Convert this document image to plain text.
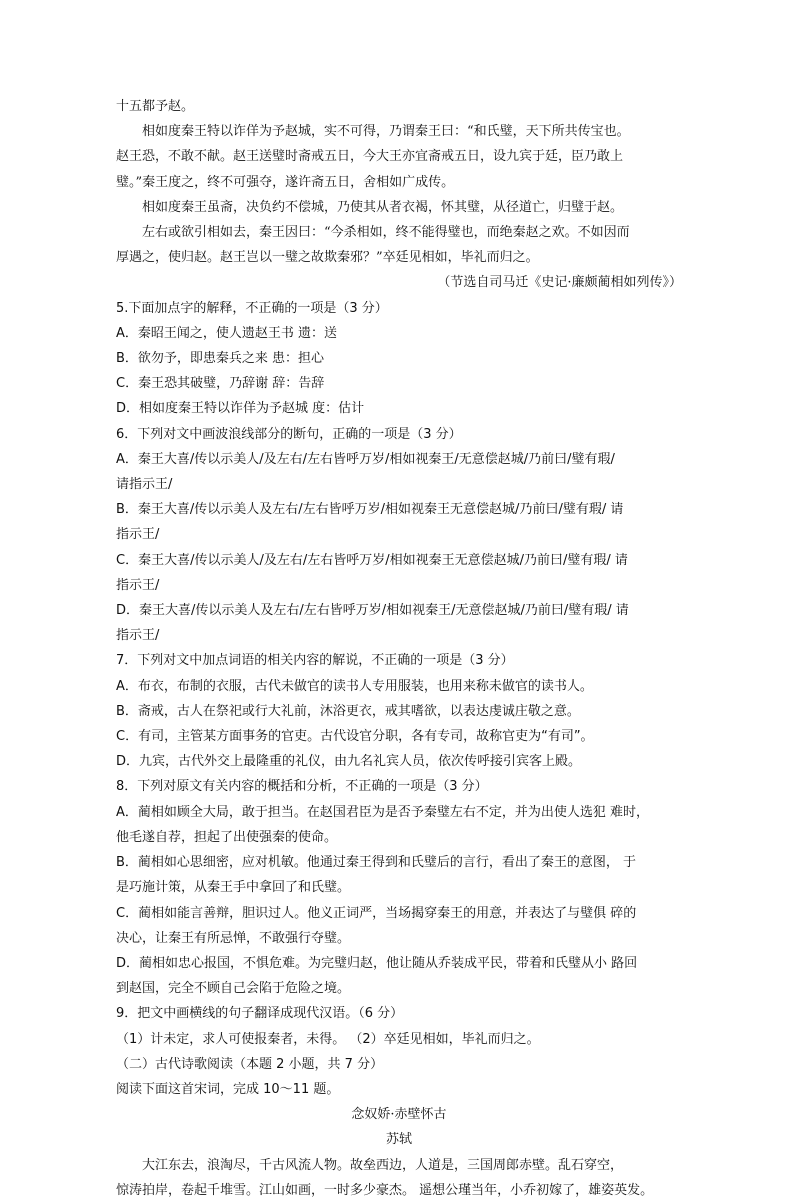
十五都予赵。
相如度秦王特以诈佯为予赵城，实不可得，乃谓秦王曰：“和氏璧，天下所共传宝也。
赵王恐，不敢不献。赵王送璧时斋戒五日，今大王亦宜斋戒五日，设九宾于廷，臣乃敢上
璧。”秦王度之，终不可强夺，遂许斋五日，舍相如广成传。
相如度秦王虽斋，决负约不偿城，乃使其从者衣褐，怀其璧，从径道亡，归璧于赵。
左右或欲引相如去，秦王因曰：“今杀相如，终不能得璧也，而绝秦赵之欢。不如因而
厚遇之，使归赵。赵王岂以一璧之故欺秦邪？”卒廷见相如，毕礼而归之。
（节选自司马迁《史记·廉颇蔺相如列传》）
5.下面加点字的解释，不正确的一项是（3 分）
A．秦昭王闻之，使人遗赵王书 遗：送
B．欲勿予，即患秦兵之来 患：担心
C．秦王恐其破璧，乃辞谢 辞：告辞
D．相如度秦王特以诈佯为予赵城 度：估计
6．下列对文中画波浪线部分的断句，正确的一项是（3 分）
A．秦王大喜/传以示美人/及左右/左右皆呼万岁/相如视秦王/无意偿赵城/乃前曰/璧有瑕/
请指示王/
B．秦王大喜/传以示美人及左右/左右皆呼万岁/相如视秦王无意偿赵城/乃前曰/璧有瑕/ 请
指示王/
C．秦王大喜/传以示美人/及左右/左右皆呼万岁/相如视秦王无意偿赵城/乃前曰/璧有瑕/ 请
指示王/
D．秦王大喜/传以示美人及左右/左右皆呼万岁/相如视秦王/无意偿赵城/乃前曰/璧有瑕/ 请
指示王/
7．下列对文中加点词语的相关内容的解说，不正确的一项是（3 分）
A．布衣，布制的衣服，古代未做官的读书人专用服装，也用来称未做官的读书人。
B．斋戒，古人在祭祀或行大礼前，沐浴更衣，戒其嗜欲，以表达虔诚庄敬之意。
C．有司，主管某方面事务的官吏。古代设官分职，各有专司，故称官吏为“有司”。
D．九宾，古代外交上最隆重的礼仪，由九名礼宾人员，依次传呼接引宾客上殿。
8．下列对原文有关内容的概括和分析，不正确的一项是（3 分）
A．蔺相如顾全大局，敢于担当。在赵国君臣为是否予秦璧左右不定，并为出使人选犯 难时，
他毛遂自荐，担起了出使强秦的使命。
B．蔺相如心思细密，应对机敏。他通过秦王得到和氏璧后的言行，看出了秦王的意图， 于
是巧施计策，从秦王手中拿回了和氏璧。
C．蔺相如能言善辩，胆识过人。他义正词严，当场揭穿秦王的用意，并表达了与璧俱 碎的
决心，让秦王有所忌惮，不敢强行夺璧。
D．蔺相如忠心报国，不惧危难。为完璧归赵，他让随从乔装成平民，带着和氏璧从小 路回
到赵国，完全不顾自己会陷于危险之境。
9．把文中画横线的句子翻译成现代汉语。（6 分）
（1）计未定，求人可使报秦者，未得。 （2）卒廷见相如，毕礼而归之。
（二）古代诗歌阅读（本题 2 小题，共 7 分）
阅读下面这首宋词，完成 10～11 题。
念奴娇·赤壁怀古
苏轼
大江东去，浪淘尽，千古风流人物。故垒西边，人道是，三国周郎赤壁。乱石穿空，
惊涛拍岸，卷起千堆雪。江山如画，一时多少豪杰。 遥想公瑾当年，小乔初嫁了，雄姿英发。
